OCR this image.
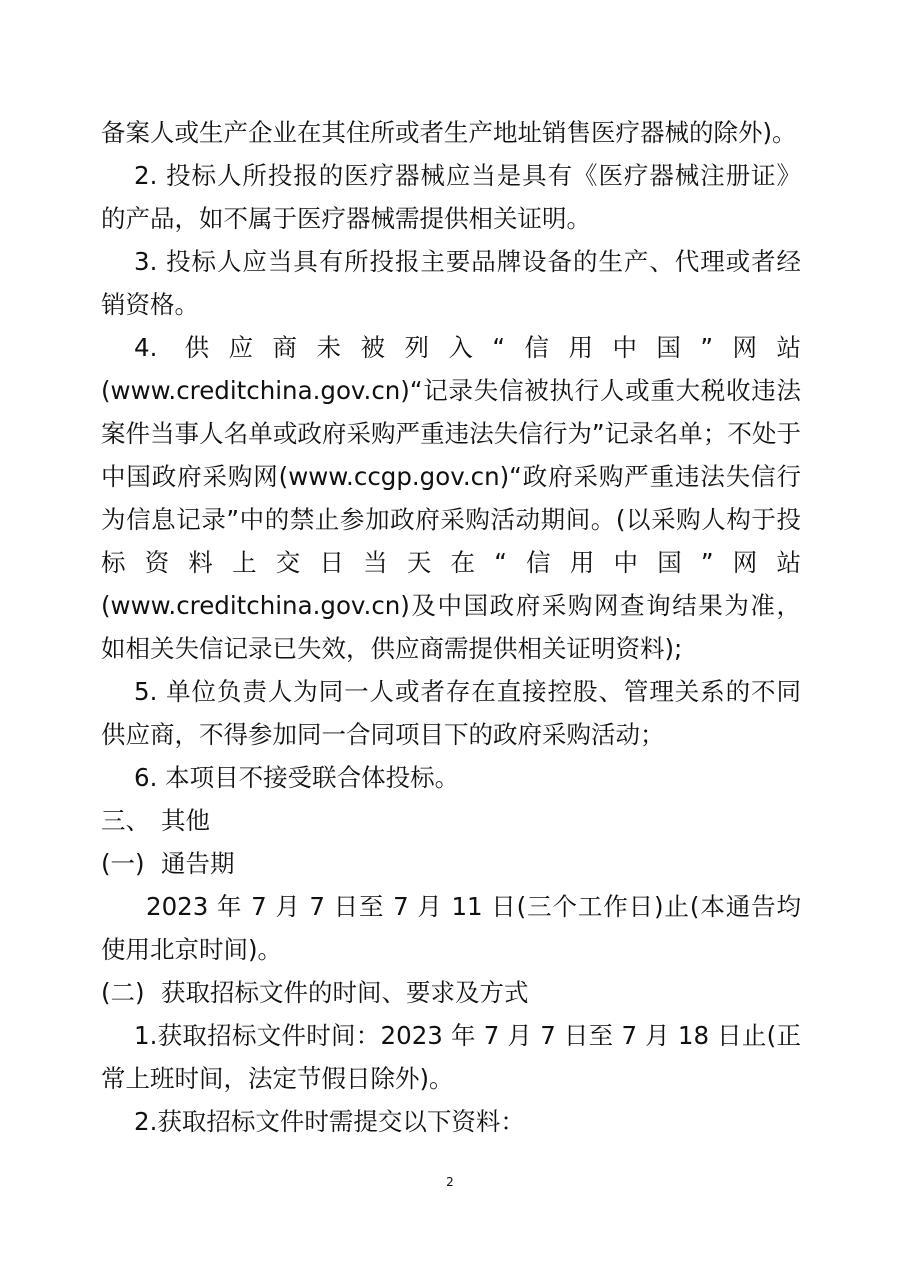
备案人或生产企业在其住所或者生产地址销售医疗器械的除外)。

2. 投标人所投报的医疗器械应当是具有《医疗器械注册证》的产品，如不属于医疗器械需提供相关证明。

3. 投标人应当具有所投报主要品牌设备的生产、代理或者经销资格。

4. 供应商未被列入“信用中国”网站(www.creditchina.gov.cn)“记录失信被执行人或重大税收违法案件当事人名单或政府采购严重违法失信行为”记录名单；不处于中国政府采购网(www.ccgp.gov.cn)“政府采购严重违法失信行为信息记录”中的禁止参加政府采购活动期间。(以采购人构于投标资料上交日当天在“信用中国”网站(www.creditchina.gov.cn)及中国政府采购网查询结果为准，如相关失信记录已失效，供应商需提供相关证明资料);

5. 单位负责人为同一人或者存在直接控股、管理关系的不同供应商，不得参加同一合同项目下的政府采购活动；

6. 本项目不接受联合体投标。

三、 其他

(一) 通告期

2023 年 7 月 7 日至 7 月 11 日(三个工作日)止(本通告均使用北京时间)。

(二) 获取招标文件的时间、要求及方式

1.获取招标文件时间：2023 年 7 月 7 日至 7 月 18 日止(正常上班时间，法定节假日除外)。

2.获取招标文件时需提交以下资料：

2
